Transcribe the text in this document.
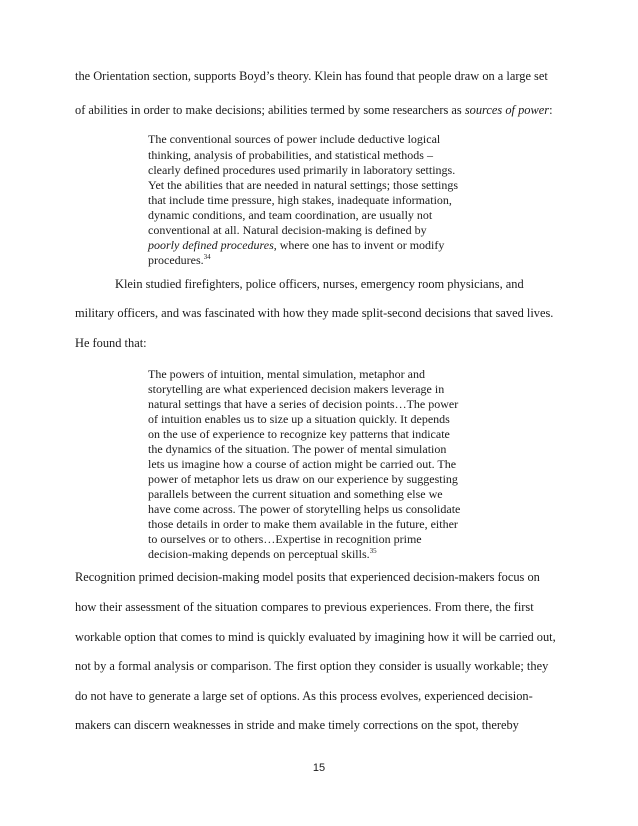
the Orientation section, supports Boyd’s theory. Klein has found that people draw on a large set

of abilities in order to make decisions; abilities termed by some researchers as sources of power:

The conventional sources of power include deductive logical

thinking, analysis of probabilities, and statistical methods –

clearly defined procedures used primarily in laboratory settings.

Yet the abilities that are needed in natural settings; those settings

that include time pressure, high stakes, inadequate information,

dynamic conditions, and team coordination, are usually not

conventional at all. Natural decision-making is defined by

poorly defined procedures, where one has to invent or modify

procedures.$^{34}$

Klein studied firefighters, police officers, nurses, emergency room physicians, and

military officers, and was fascinated with how they made split-second decisions that saved lives.

He found that:

The powers of intuition, mental simulation, metaphor and

storytelling are what experienced decision makers leverage in

natural settings that have a series of decision points…The power

of intuition enables us to size up a situation quickly. It depends

on the use of experience to recognize key patterns that indicate

the dynamics of the situation. The power of mental simulation

lets us imagine how a course of action might be carried out. The

power of metaphor lets us draw on our experience by suggesting

parallels between the current situation and something else we

have come across. The power of storytelling helps us consolidate

those details in order to make them available in the future, either

to ourselves or to others…Expertise in recognition prime

decision-making depends on perceptual skills.$^{35}$

Recognition primed decision-making model posits that experienced decision-makers focus on

how their assessment of the situation compares to previous experiences. From there, the first

workable option that comes to mind is quickly evaluated by imagining how it will be carried out,

not by a formal analysis or comparison. The first option they consider is usually workable; they

do not have to generate a large set of options. As this process evolves, experienced decision-

makers can discern weaknesses in stride and make timely corrections on the spot, thereby

15
